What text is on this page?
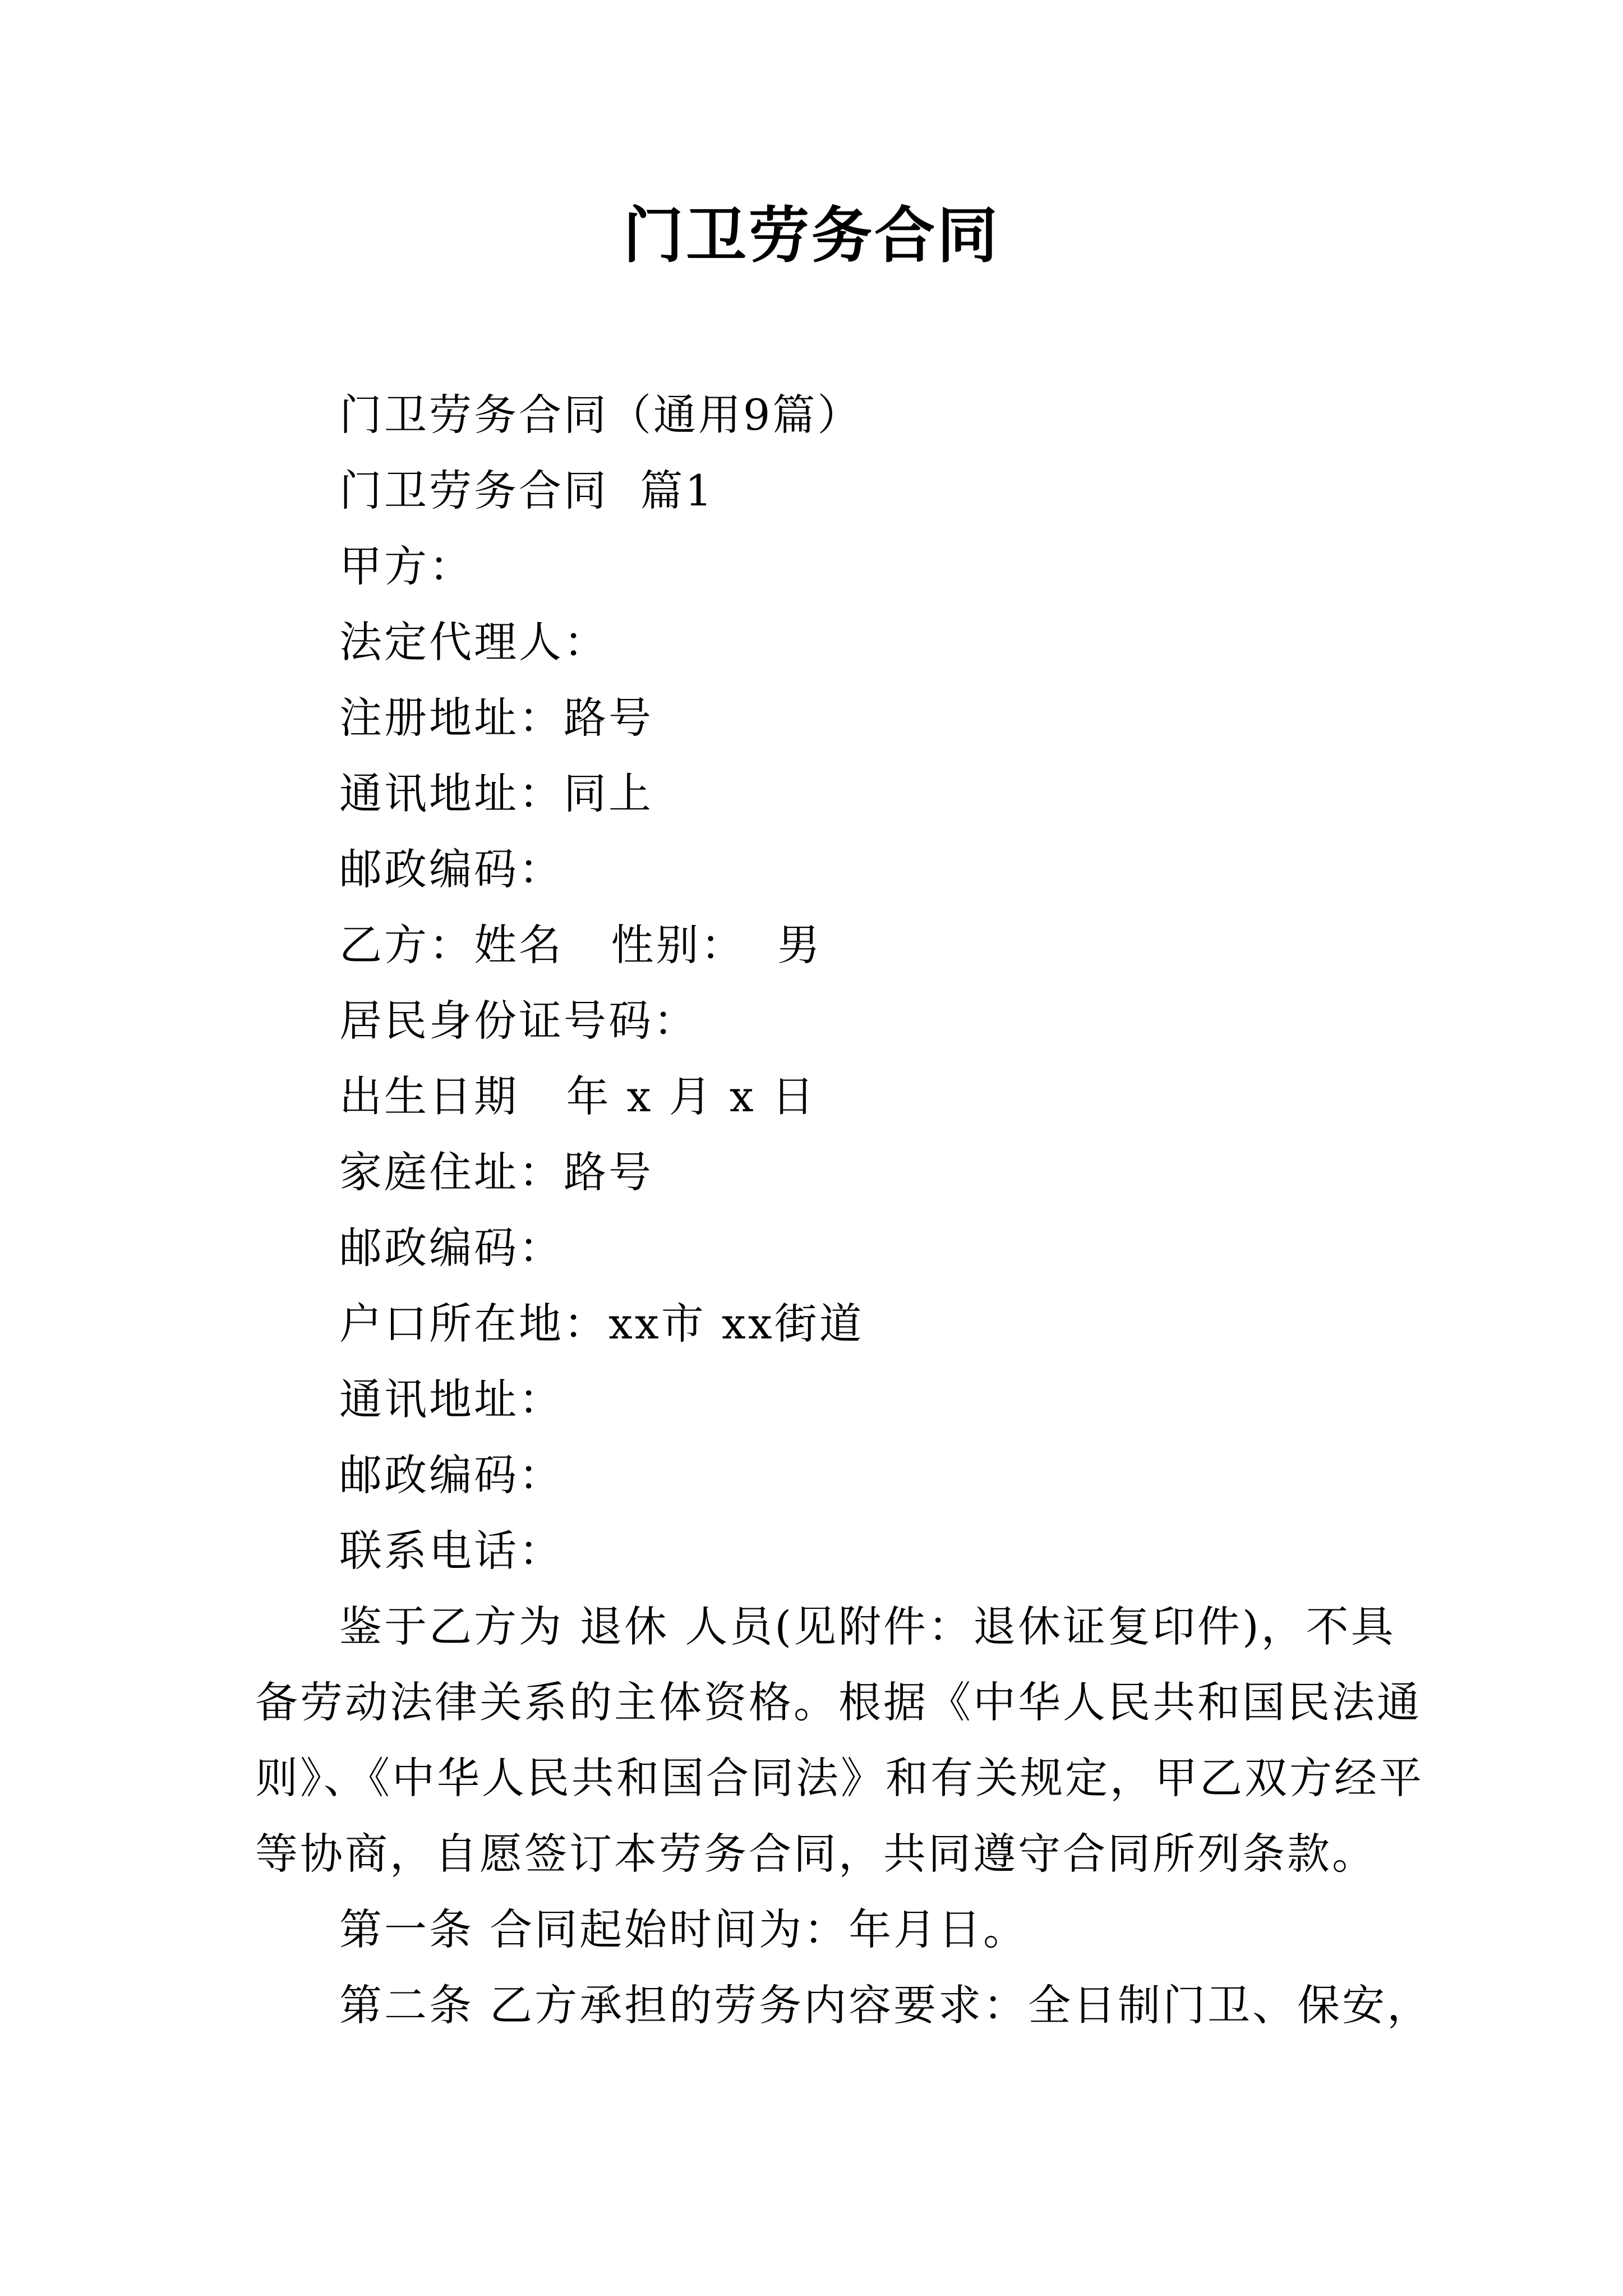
门卫劳务合同
门卫劳务合同（通用9篇）
门卫劳务合同  篇1
甲方：
法定代理人：
注册地址：路号
通讯地址：同上
邮政编码：
乙方：姓名   性别：  男
居民身份证号码：
出生日期   年 x 月 x 日
家庭住址：路号
邮政编码：
户口所在地：xx市 xx街道
通讯地址：
邮政编码：
联系电话：
鉴于乙方为 退休 人员(见附件：退休证复印件)，不具
备劳动法律关系的主体资格。根据《中华人民共和国民法通
则》、《中华人民共和国合同法》和有关规定，甲乙双方经平
等协商，自愿签订本劳务合同，共同遵守合同所列条款。
第一条 合同起始时间为：年月日。
第二条 乙方承担的劳务内容要求：全日制门卫、保安，
